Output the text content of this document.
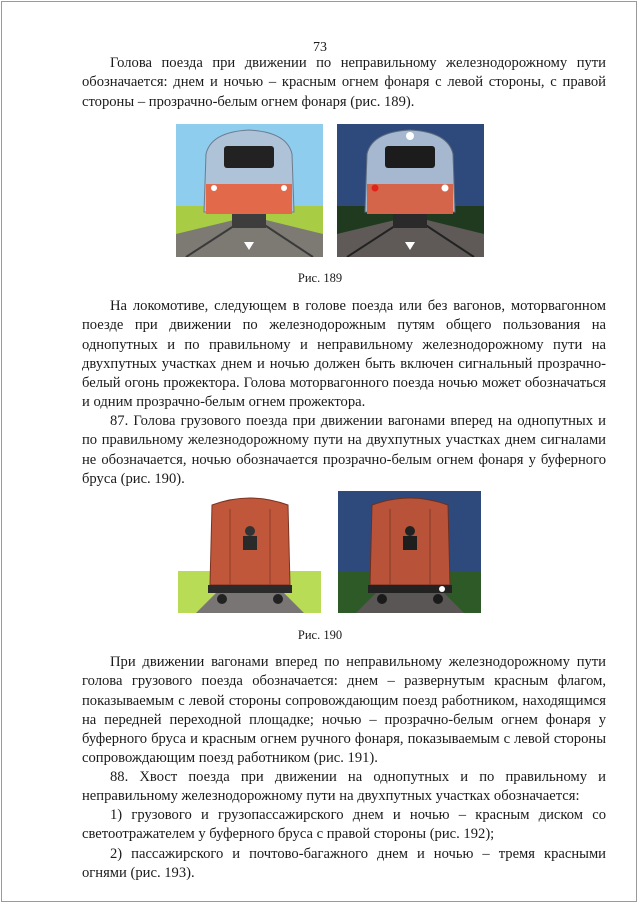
73

Голова поезда при движении по неправильному железнодорожному пути обозначается: днем и ночью – красным огнем фонаря с левой стороны, с правой стороны – прозрачно-белым огнем фонаря (рис. 189).

Рис. 189

На локомотиве, следующем в голове поезда или без вагонов, моторвагонном поезде при движении по железнодорожным путям общего пользования на однопутных и по правильному и неправильному железнодорожному пути на двухпутных участках днем и ночью должен быть включен сигнальный прозрачно-белый огонь прожектора. Голова моторвагонного поезда ночью может обозначаться и одним прозрачно-белым огнем прожектора.

87. Голова грузового поезда при движении вагонами вперед на однопутных и по правильному железнодорожному пути на двухпутных участках днем сигналами не обозначается, ночью обозначается прозрачно-белым огнем фонаря у буферного бруса (рис. 190).

Рис. 190

При движении вагонами вперед по неправильному железнодорожному пути голова грузового поезда обозначается: днем – развернутым красным флагом, показываемым с левой стороны сопровождающим поезд работником, находящимся на передней переходной площадке; ночью – прозрачно-белым огнем фонаря у буферного бруса и красным огнем ручного фонаря, показываемым с левой стороны сопровождающим поезд работником (рис. 191).

88. Хвост поезда при движении на однопутных и по правильному и неправильному железнодорожному пути на двухпутных участках обозначается:

1) грузового и грузопассажирского днем и ночью – красным диском со светоотражателем у буферного бруса с правой стороны (рис. 192);

2) пассажирского и почтово-багажного днем и ночью – тремя красными огнями (рис. 193).
